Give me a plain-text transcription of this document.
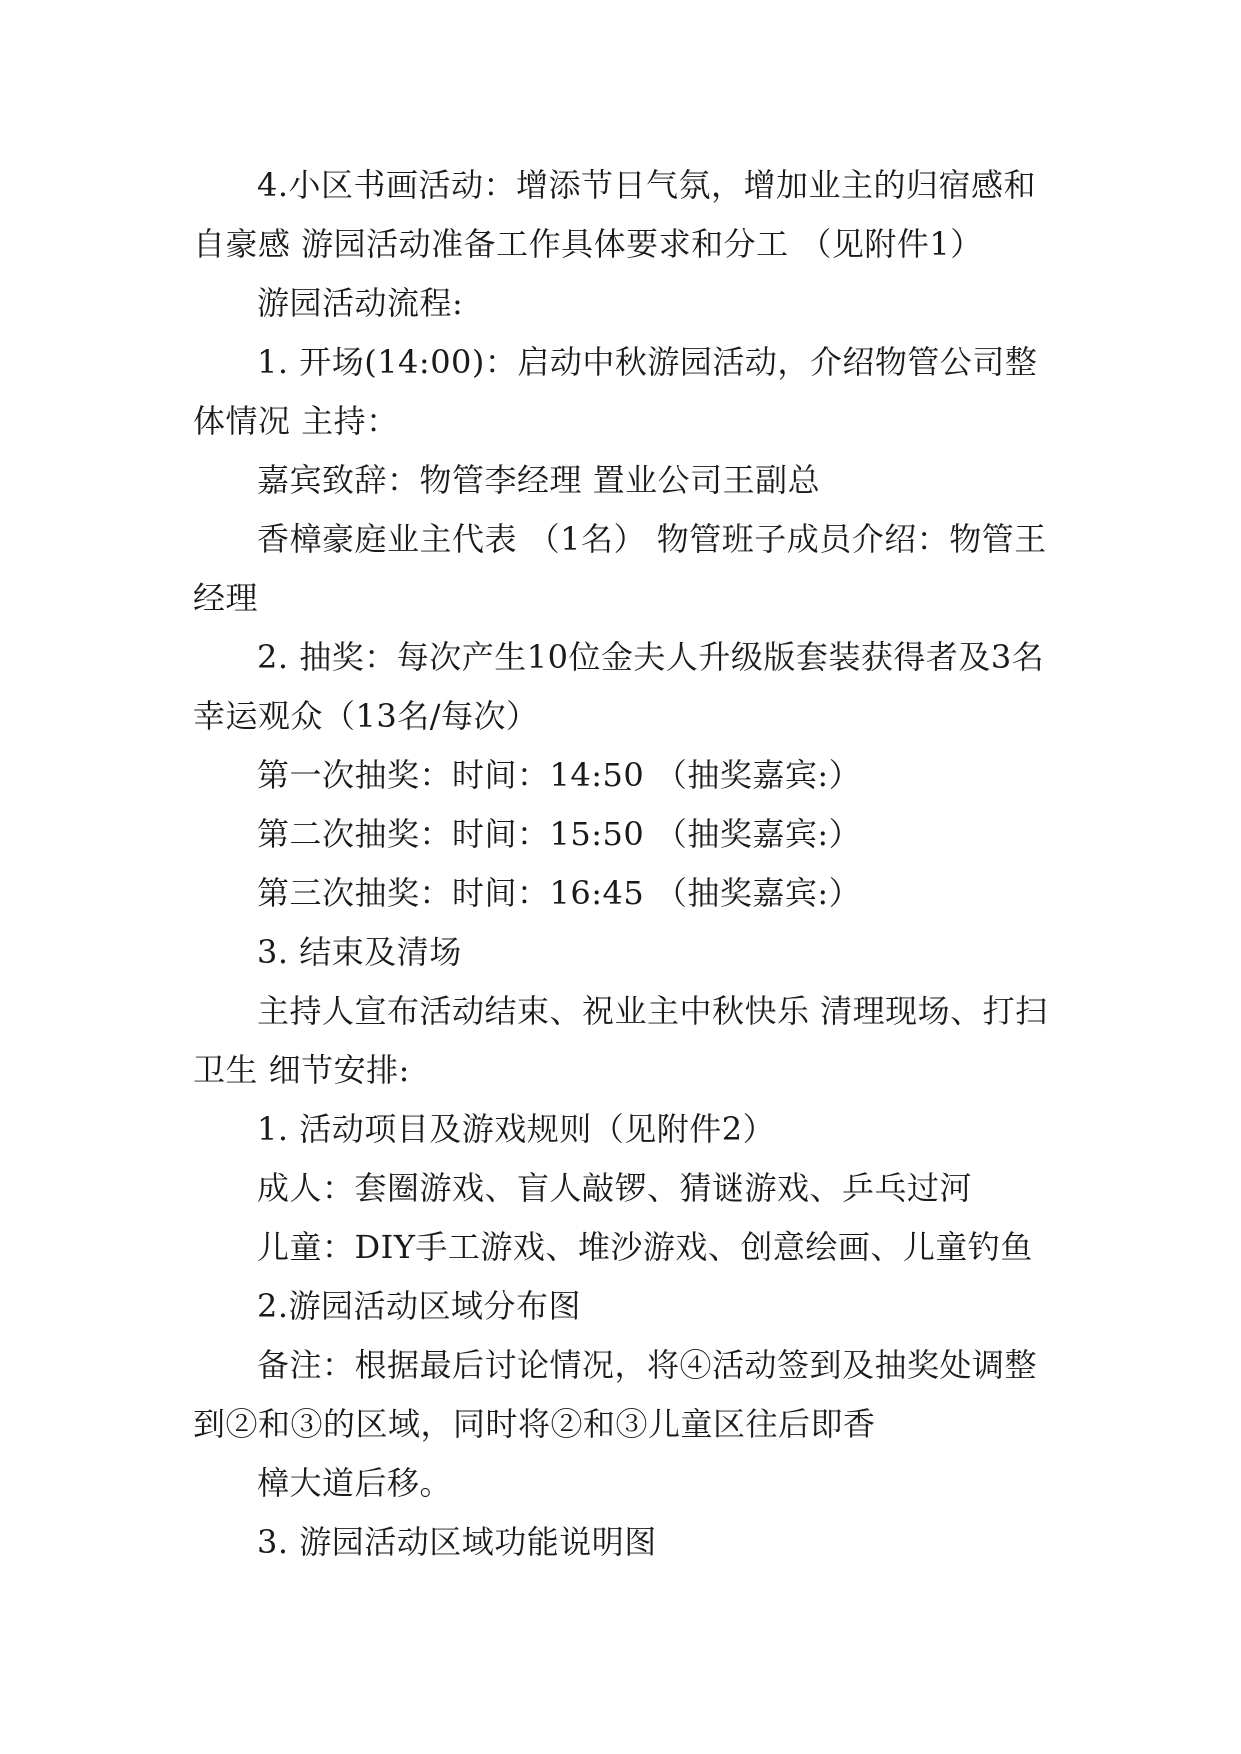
4.小区书画活动：增添节日气氛，增加业主的归宿感和自豪感 游园活动准备工作具体要求和分工 （见附件1）

游园活动流程:

1. 开场(14:00)：启动中秋游园活动，介绍物管公司整体情况 主持：

嘉宾致辞：物管李经理 置业公司王副总

香樟豪庭业主代表 （1名） 物管班子成员介绍：物管王经理

2. 抽奖：每次产生10位金夫人升级版套装获得者及3名幸运观众（13名/每次）

第一次抽奖：时间：14:50 （抽奖嘉宾:）

第二次抽奖：时间：15:50 （抽奖嘉宾:）

第三次抽奖：时间：16:45 （抽奖嘉宾:）

3. 结束及清场

主持人宣布活动结束、祝业主中秋快乐 清理现场、打扫卫生 细节安排:

1. 活动项目及游戏规则（见附件2）

成人：套圈游戏、盲人敲锣、猜谜游戏、乒乓过河

儿童：DIY手工游戏、堆沙游戏、创意绘画、儿童钓鱼

2.游园活动区域分布图

备注：根据最后讨论情况，将④活动签到及抽奖处调整到②和③的区域，同时将②和③儿童区往后即香

樟大道后移。

3. 游园活动区域功能说明图
